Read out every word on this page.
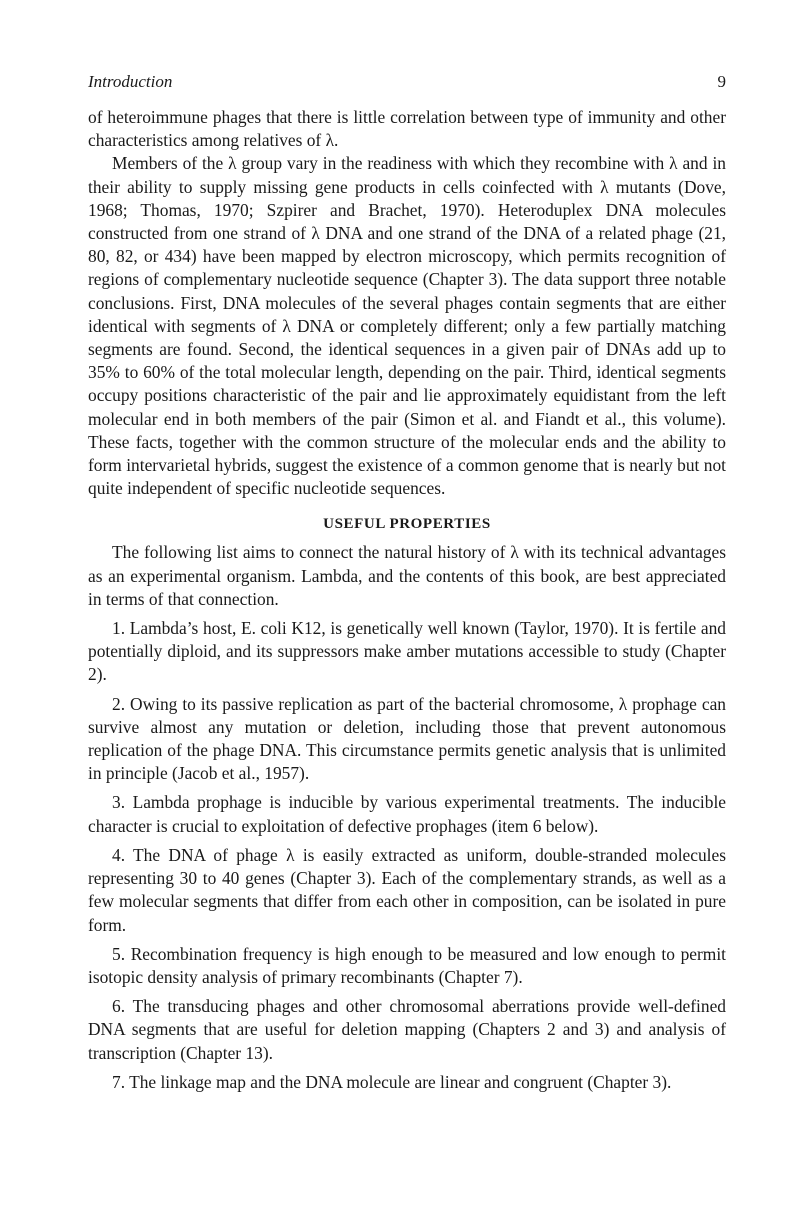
Introduction	9

of heteroimmune phages that there is little correlation between type of immunity and other characteristics among relatives of λ.

Members of the λ group vary in the readiness with which they recombine with λ and in their ability to supply missing gene products in cells coinfected with λ mutants (Dove, 1968; Thomas, 1970; Szpirer and Brachet, 1970). Heteroduplex DNA molecules constructed from one strand of λ DNA and one strand of the DNA of a related phage (21, 80, 82, or 434) have been mapped by electron microscopy, which permits recognition of regions of complementary nucleotide sequence (Chapter 3). The data support three notable conclusions. First, DNA molecules of the several phages contain segments that are either identical with segments of λ DNA or completely different; only a few partially matching segments are found. Second, the identical sequences in a given pair of DNAs add up to 35% to 60% of the total molecular length, depending on the pair. Third, identical segments occupy positions characteristic of the pair and lie approximately equidistant from the left molecular end in both members of the pair (Simon et al. and Fiandt et al., this volume). These facts, together with the common structure of the molecular ends and the ability to form intervarietal hybrids, suggest the existence of a common genome that is nearly but not quite independent of specific nucleotide sequences.

USEFUL PROPERTIES

The following list aims to connect the natural history of λ with its technical advantages as an experimental organism. Lambda, and the contents of this book, are best appreciated in terms of that connection.

1. Lambda’s host, E. coli K12, is genetically well known (Taylor, 1970). It is fertile and potentially diploid, and its suppressors make amber mutations accessible to study (Chapter 2).

2. Owing to its passive replication as part of the bacterial chromosome, λ prophage can survive almost any mutation or deletion, including those that prevent autonomous replication of the phage DNA. This circumstance permits genetic analysis that is unlimited in principle (Jacob et al., 1957).

3. Lambda prophage is inducible by various experimental treatments. The inducible character is crucial to exploitation of defective prophages (item 6 below).

4. The DNA of phage λ is easily extracted as uniform, double-stranded molecules representing 30 to 40 genes (Chapter 3). Each of the complementary strands, as well as a few molecular segments that differ from each other in composition, can be isolated in pure form.

5. Recombination frequency is high enough to be measured and low enough to permit isotopic density analysis of primary recombinants (Chapter 7).

6. The transducing phages and other chromosomal aberrations provide well-defined DNA segments that are useful for deletion mapping (Chapters 2 and 3) and analysis of transcription (Chapter 13).

7. The linkage map and the DNA molecule are linear and congruent (Chapter 3).
